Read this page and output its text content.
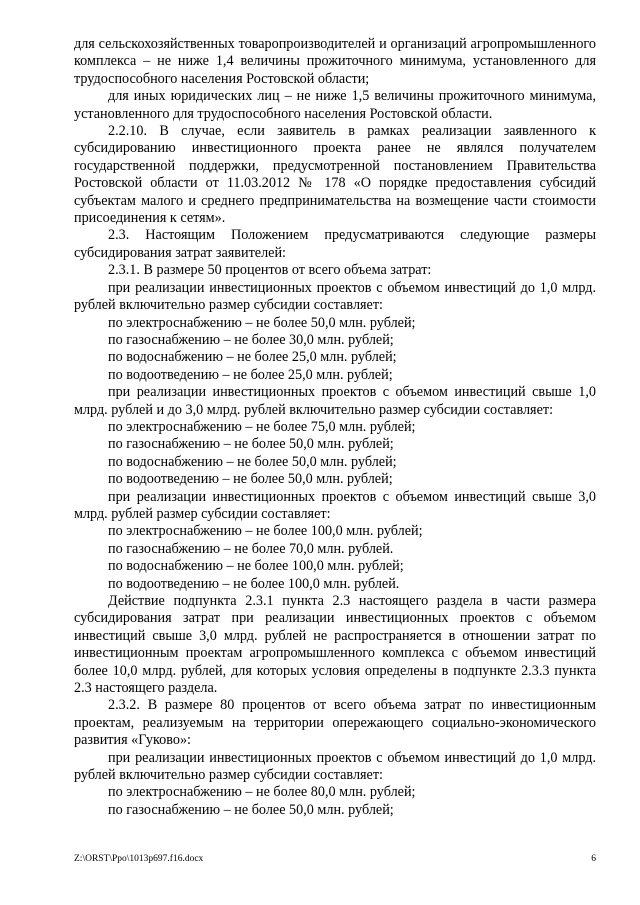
для сельскохозяйственных товаропроизводителей и организаций агропромышленного комплекса – не ниже 1,4 величины прожиточного минимума, установленного для трудоспособного населения Ростовской области;

для иных юридических лиц – не ниже 1,5 величины прожиточного минимума, установленного для трудоспособного населения Ростовской области.

2.2.10. В случае, если заявитель в рамках реализации заявленного к субсидированию инвестиционного проекта ранее не являлся получателем государственной поддержки, предусмотренной постановлением Правительства Ростовской области от 11.03.2012 № 178 «О порядке предоставления субсидий субъектам малого и среднего предпринимательства на возмещение части стоимости присоединения к сетям».

2.3. Настоящим Положением предусматриваются следующие размеры субсидирования затрат заявителей:

2.3.1. В размере 50 процентов от всего объема затрат:

при реализации инвестиционных проектов с объемом инвестиций до 1,0 млрд. рублей включительно размер субсидии составляет:

по электроснабжению – не более 50,0 млн. рублей;

по газоснабжению – не более 30,0 млн. рублей;

по водоснабжению – не более 25,0 млн. рублей;

по водоотведению – не более 25,0 млн. рублей;

при реализации инвестиционных проектов с объемом инвестиций свыше 1,0 млрд. рублей и до 3,0 млрд. рублей включительно размер субсидии составляет:

по электроснабжению – не более 75,0 млн. рублей;

по газоснабжению – не более 50,0 млн. рублей;

по водоснабжению – не более 50,0 млн. рублей;

по водоотведению – не более 50,0 млн. рублей;

при реализации инвестиционных проектов с объемом инвестиций свыше 3,0 млрд. рублей размер субсидии составляет:

по электроснабжению – не более 100,0 млн. рублей;

по газоснабжению – не более 70,0 млн. рублей.

по водоснабжению – не более 100,0 млн. рублей;

по водоотведению – не более 100,0 млн. рублей.

Действие подпункта 2.3.1 пункта 2.3 настоящего раздела в части размера субсидирования затрат при реализации инвестиционных проектов с объемом инвестиций свыше 3,0 млрд. рублей не распространяется в отношении затрат по инвестиционным проектам агропромышленного комплекса с объемом инвестиций более 10,0 млрд. рублей, для которых условия определены в подпункте 2.3.3 пункта 2.3 настоящего раздела.

2.3.2. В размере 80 процентов от всего объема затрат по инвестиционным проектам, реализуемым на территории опережающего социально-экономического развития «Гуково»:

при реализации инвестиционных проектов с объемом инвестиций до 1,0 млрд. рублей включительно размер субсидии составляет:

по электроснабжению – не более 80,0 млн. рублей;

по газоснабжению – не более 50,0 млн. рублей;

Z:\ORST\Ppo\1013p697.f16.docx	6
